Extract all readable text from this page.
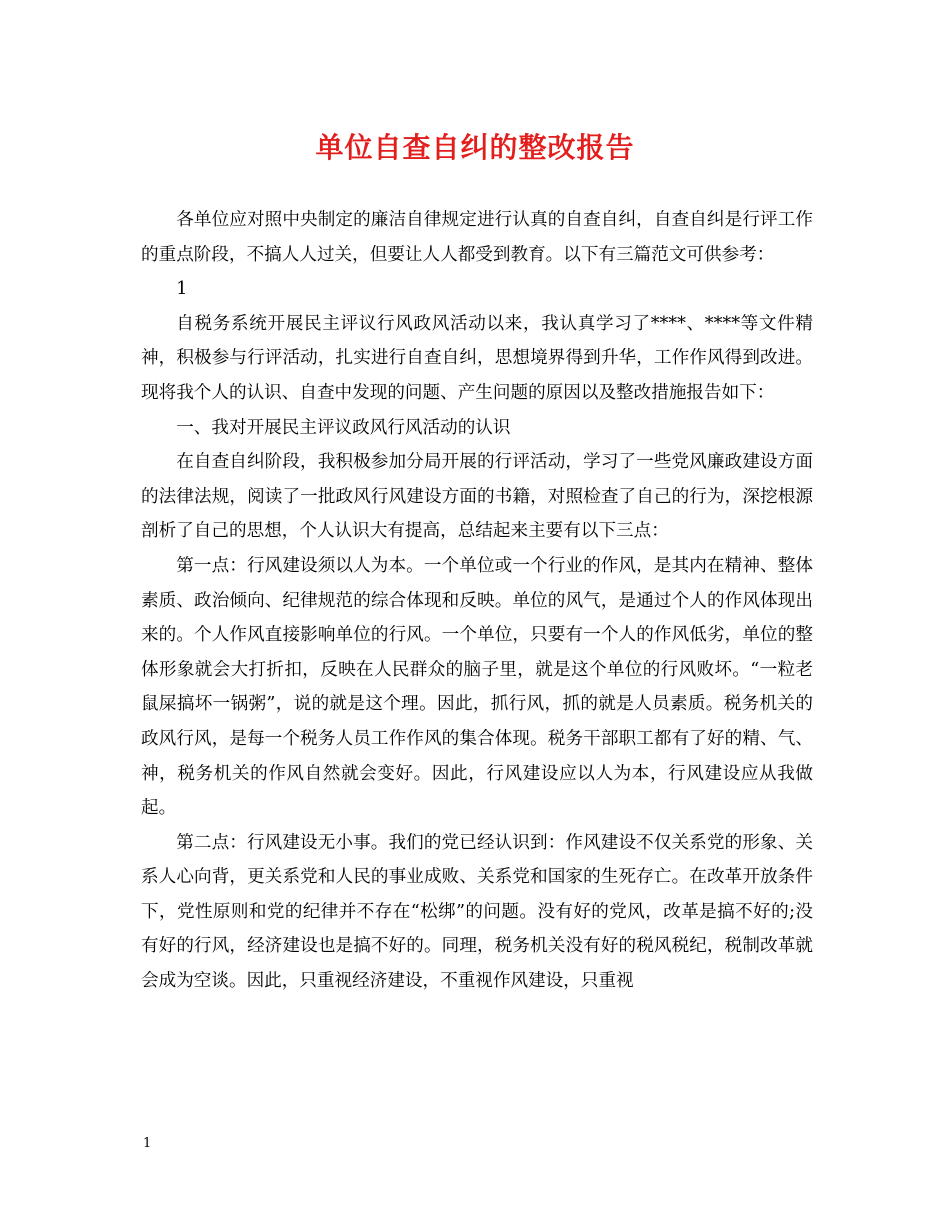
单位自查自纠的整改报告

各单位应对照中央制定的廉洁自律规定进行认真的自查自纠，自查自纠是行评工作的重点阶段，不搞人人过关，但要让人人都受到教育。以下有三篇范文可供参考：

1

自税务系统开展民主评议行风政风活动以来，我认真学习了****、****等文件精神，积极参与行评活动，扎实进行自查自纠，思想境界得到升华，工作作风得到改进。现将我个人的认识、自查中发现的问题、产生问题的原因以及整改措施报告如下：

一、我对开展民主评议政风行风活动的认识

在自查自纠阶段，我积极参加分局开展的行评活动，学习了一些党风廉政建设方面的法律法规，阅读了一批政风行风建设方面的书籍，对照检查了自己的行为，深挖根源剖析了自己的思想，个人认识大有提高，总结起来主要有以下三点：

第一点：行风建设须以人为本。一个单位或一个行业的作风，是其内在精神、整体素质、政治倾向、纪律规范的综合体现和反映。单位的风气，是通过个人的作风体现出来的。个人作风直接影响单位的行风。一个单位，只要有一个人的作风低劣，单位的整体形象就会大打折扣，反映在人民群众的脑子里，就是这个单位的行风败坏。“一粒老鼠屎搞坏一锅粥”，说的就是这个理。因此，抓行风，抓的就是人员素质。税务机关的政风行风，是每一个税务人员工作作风的集合体现。税务干部职工都有了好的精、气、神，税务机关的作风自然就会变好。因此，行风建设应以人为本，行风建设应从我做起。

第二点：行风建设无小事。我们的党已经认识到：作风建设不仅关系党的形象、关系人心向背，更关系党和人民的事业成败、关系党和国家的生死存亡。在改革开放条件下，党性原则和党的纪律并不存在“松绑”的问题。没有好的党风，改革是搞不好的;没有好的行风，经济建设也是搞不好的。同理，税务机关没有好的税风税纪，税制改革就会成为空谈。因此，只重视经济建设，不重视作风建设，只重视

1
